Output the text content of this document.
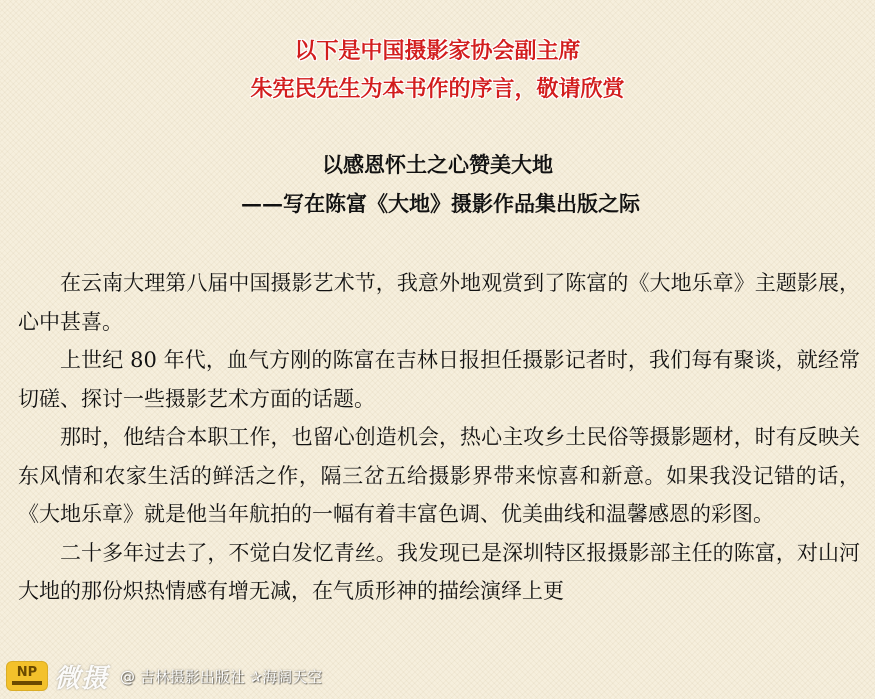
以下是中国摄影家协会副主席
朱宪民先生为本书作的序言，敬请欣赏
以感恩怀土之心赞美大地
——写在陈富《大地》摄影作品集出版之际

在云南大理第八届中国摄影艺术节，我意外地观赏到了陈富的《大地乐章》主题影展，心中甚喜。

上世纪 80 年代，血气方刚的陈富在吉林日报担任摄影记者时，我们每有聚谈，就经常切磋、探讨一些摄影艺术方面的话题。

那时，他结合本职工作，也留心创造机会，热心主攻乡土民俗等摄影题材，时有反映关东风情和农家生活的鲜活之作，隔三岔五给摄影界带来惊喜和新意。如果我没记错的话，《大地乐章》就是他当年航拍的一幅有着丰富色调、优美曲线和温馨感恩的彩图。

二十多年过去了，不觉白发忆青丝。我发现已是深圳特区报摄影部主任的陈富，对山河大地的那份炽热情感有增无减，在气质形神的描绘演绎上更

NP 微摄 @ 吉林摄影出版社 ✰海阔天空
